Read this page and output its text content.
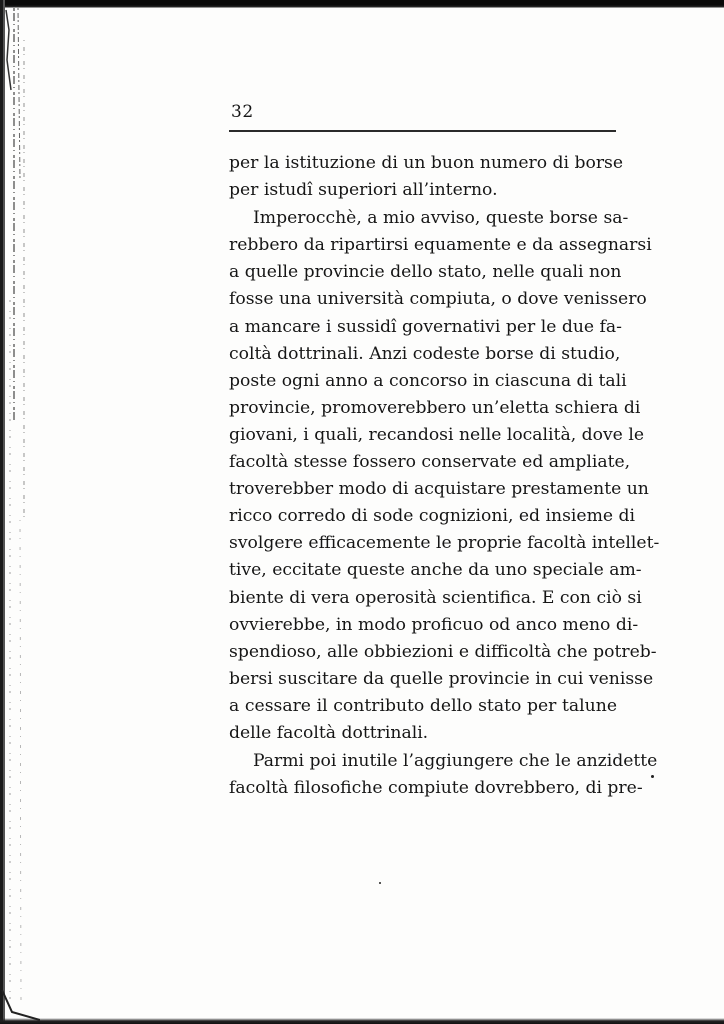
32
per la istituzione di un buon numero di borse
per istudî superiori all’interno.
Imperocchè, a mio avviso, queste borse sa-
rebbero da ripartirsi equamente e da assegnarsi
a quelle provincie dello stato, nelle quali non
fosse una università compiuta, o dove venissero
a mancare i sussidî governativi per le due fa-
coltà dottrinali. Anzi codeste borse di studio,
poste ogni anno a concorso in ciascuna di tali
provincie, promoverebbero un’eletta schiera di
giovani, i quali, recandosi nelle località, dove le
facoltà stesse fossero conservate ed ampliate,
troverebber modo di acquistare prestamente un
ricco corredo di sode cognizioni, ed insieme di
svolgere efficacemente le proprie facoltà intellet-
tive, eccitate queste anche da uno speciale am-
biente di vera operosità scientifica. E con ciò si
ovvierebbe, in modo proficuo od anco meno di-
spendioso, alle obbiezioni e difficoltà che potreb-
bersi suscitare da quelle provincie in cui venisse
a cessare il contributo dello stato per talune
delle facoltà dottrinali.
Parmi poi inutile l’aggiungere che le anzidette
facoltà filosofiche compiute dovrebbero, di pre-
